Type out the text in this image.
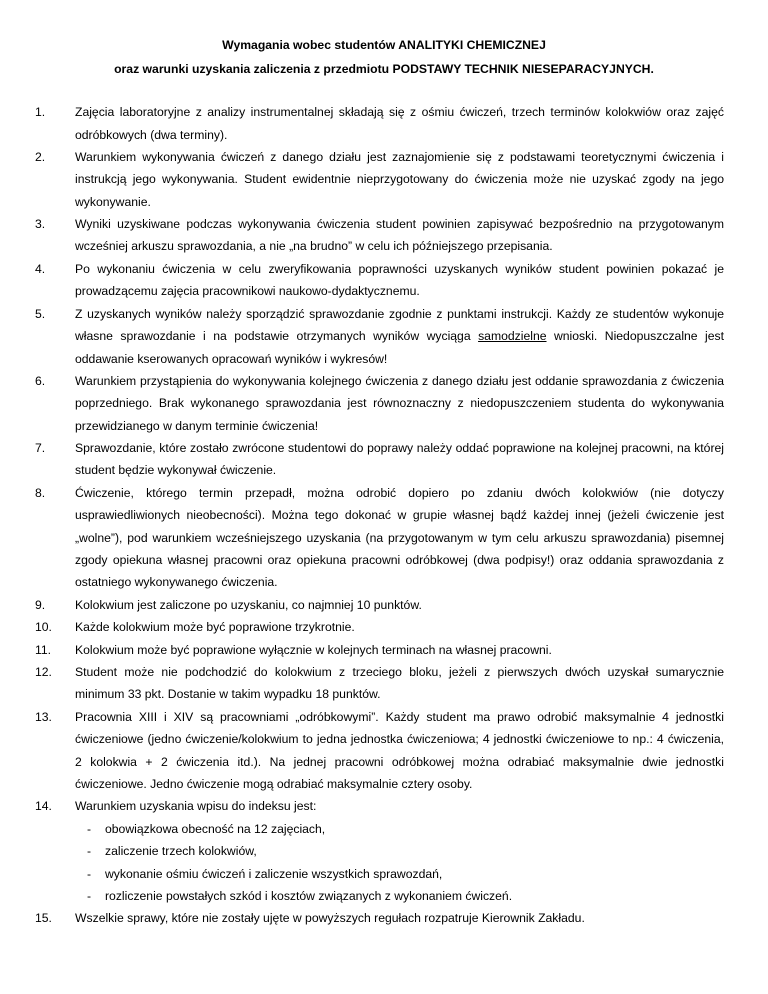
Wymagania wobec studentów ANALITYKI CHEMICZNEJ
oraz warunki uzyskania zaliczenia z przedmiotu PODSTAWY TECHNIK NIESEPARACYJNYCH.
1. Zajęcia laboratoryjne z analizy instrumentalnej składają się z ośmiu ćwiczeń, trzech terminów kolokwiów oraz zajęć
odróbkowych (dwa terminy).
2. Warunkiem wykonywania ćwiczeń z danego działu jest zaznajomienie się z podstawami teoretycznymi ćwiczenia i
instrukcją jego wykonywania. Student ewidentnie nieprzygotowany do ćwiczenia może nie uzyskać zgody na jego
wykonywanie.
3. Wyniki uzyskiwane podczas wykonywania ćwiczenia student powinien zapisywać bezpośrednio na przygotowanym
wcześniej arkuszu sprawozdania, a nie „na brudno” w celu ich późniejszego przepisania.
4. Po wykonaniu ćwiczenia w celu zweryfikowania poprawności uzyskanych wyników student powinien pokazać je
prowadzącemu zajęcia pracownikowi naukowo-dydaktycznemu.
5. Z uzyskanych wyników należy sporządzić sprawozdanie zgodnie z punktami instrukcji. Każdy ze studentów wykonuje
własne sprawozdanie i na podstawie otrzymanych wyników wyciąga samodzielne wnioski. Niedopuszczalne jest
oddawanie kserowanych opracowań wyników i wykresów!
6. Warunkiem przystąpienia do wykonywania kolejnego ćwiczenia z danego działu jest oddanie sprawozdania z ćwiczenia
poprzedniego. Brak wykonanego sprawozdania jest równoznaczny z niedopuszczeniem studenta do wykonywania
przewidzianego w danym terminie ćwiczenia!
7. Sprawozdanie, które zostało zwrócone studentowi do poprawy należy oddać poprawione na kolejnej pracowni, na której
student będzie wykonywał ćwiczenie.
8. Ćwiczenie, którego termin przepadł, można odrobić dopiero po zdaniu dwóch kolokwiów (nie dotyczy
usprawiedliwionych nieobecności). Można tego dokonać w grupie własnej bądź każdej innej (jeżeli ćwiczenie jest
„wolne”), pod warunkiem wcześniejszego uzyskania (na przygotowanym w tym celu arkuszu sprawozdania) pisemnej
zgody opiekuna własnej pracowni oraz opiekuna pracowni odróbkowej (dwa podpisy!) oraz oddania sprawozdania z
ostatniego wykonywanego ćwiczenia.
9. Kolokwium jest zaliczone po uzyskaniu, co najmniej 10 punktów.
10. Każde kolokwium może być poprawione trzykrotnie.
11. Kolokwium może być poprawione wyłącznie w kolejnych terminach na własnej pracowni.
12. Student może nie podchodzić do kolokwium z trzeciego bloku, jeżeli z pierwszych dwóch uzyskał sumarycznie
minimum 33 pkt. Dostanie w takim wypadku 18 punktów.
13. Pracownia XIII i XIV są pracowniami „odróbkowymi”. Każdy student ma prawo odrobić maksymalnie 4 jednostki
ćwiczeniowe (jedno ćwiczenie/kolokwium to jedna jednostka ćwiczeniowa; 4 jednostki ćwiczeniowe to np.: 4 ćwiczenia,
2 kolokwia + 2 ćwiczenia itd.). Na jednej pracowni odróbkowej można odrabiać maksymalnie dwie jednostki
ćwiczeniowe. Jedno ćwiczenie mogą odrabiać maksymalnie cztery osoby.
14. Warunkiem uzyskania wpisu do indeksu jest:
- obowiązkowa obecność na 12 zajęciach,
- zaliczenie trzech kolokwiów,
- wykonanie ośmiu ćwiczeń i zaliczenie wszystkich sprawozdań,
- rozliczenie powstałych szkód i kosztów związanych z wykonaniem ćwiczeń.
15. Wszelkie sprawy, które nie zostały ujęte w powyższych regułach rozpatruje Kierownik Zakładu.
